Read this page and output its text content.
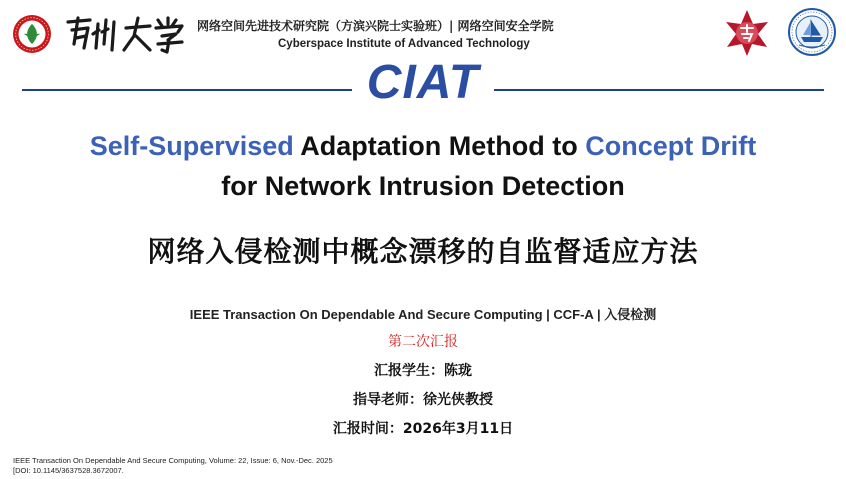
网络空间先进技术研究院（方滨兴院士实验班）| 网络空间安全学院
Cyberspace Institute of Advanced Technology
CIAT
Self-Supervised Adaptation Method to Concept Drift
for Network Intrusion Detection
网络入侵检测中概念漂移的自监督适应方法
IEEE Transaction On Dependable And Secure Computing | CCF-A | 入侵检测
第二次汇报
汇报学生：陈珑
指导老师：徐光侠教授
汇报时间：2026年3月11日
IEEE Transaction On Dependable And Secure Computing, Volume: 22, Issue: 6, Nov.-Dec. 2025
[DOI: 10.1145/3637528.3672007.
